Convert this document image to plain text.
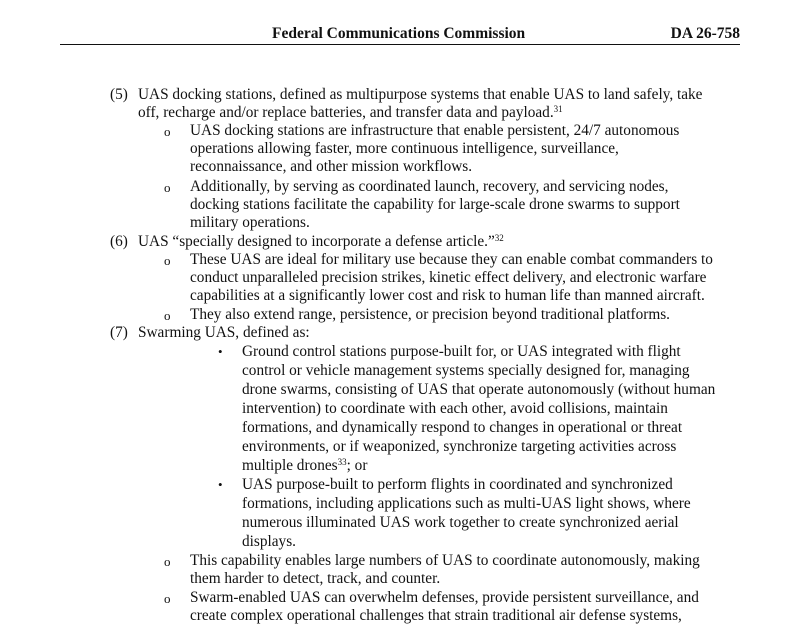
Federal Communications Commission	DA 26-758
(5) UAS docking stations, defined as multipurpose systems that enable UAS to land safely, take
off, recharge and/or replace batteries, and transfer data and payload.$^{31}$
o UAS docking stations are infrastructure that enable persistent, 24/7 autonomous
operations allowing faster, more continuous intelligence, surveillance,
reconnaissance, and other mission workflows.
o Additionally, by serving as coordinated launch, recovery, and servicing nodes,
docking stations facilitate the capability for large-scale drone swarms to support
military operations.
(6) UAS “specially designed to incorporate a defense article.”$^{32}$
o These UAS are ideal for military use because they can enable combat commanders to
conduct unparalleled precision strikes, kinetic effect delivery, and electronic warfare
capabilities at a significantly lower cost and risk to human life than manned aircraft.
o They also extend range, persistence, or precision beyond traditional platforms.
(7) Swarming UAS, defined as:
• Ground control stations purpose-built for, or UAS integrated with flight
control or vehicle management systems specially designed for, managing
drone swarms, consisting of UAS that operate autonomously (without human
intervention) to coordinate with each other, avoid collisions, maintain
formations, and dynamically respond to changes in operational or threat
environments, or if weaponized, synchronize targeting activities across
multiple drones$^{33}$; or
• UAS purpose-built to perform flights in coordinated and synchronized
formations, including applications such as multi-UAS light shows, where
numerous illuminated UAS work together to create synchronized aerial
displays.
o This capability enables large numbers of UAS to coordinate autonomously, making
them harder to detect, track, and counter.
o Swarm-enabled UAS can overwhelm defenses, provide persistent surveillance, and
create complex operational challenges that strain traditional air defense systems,
